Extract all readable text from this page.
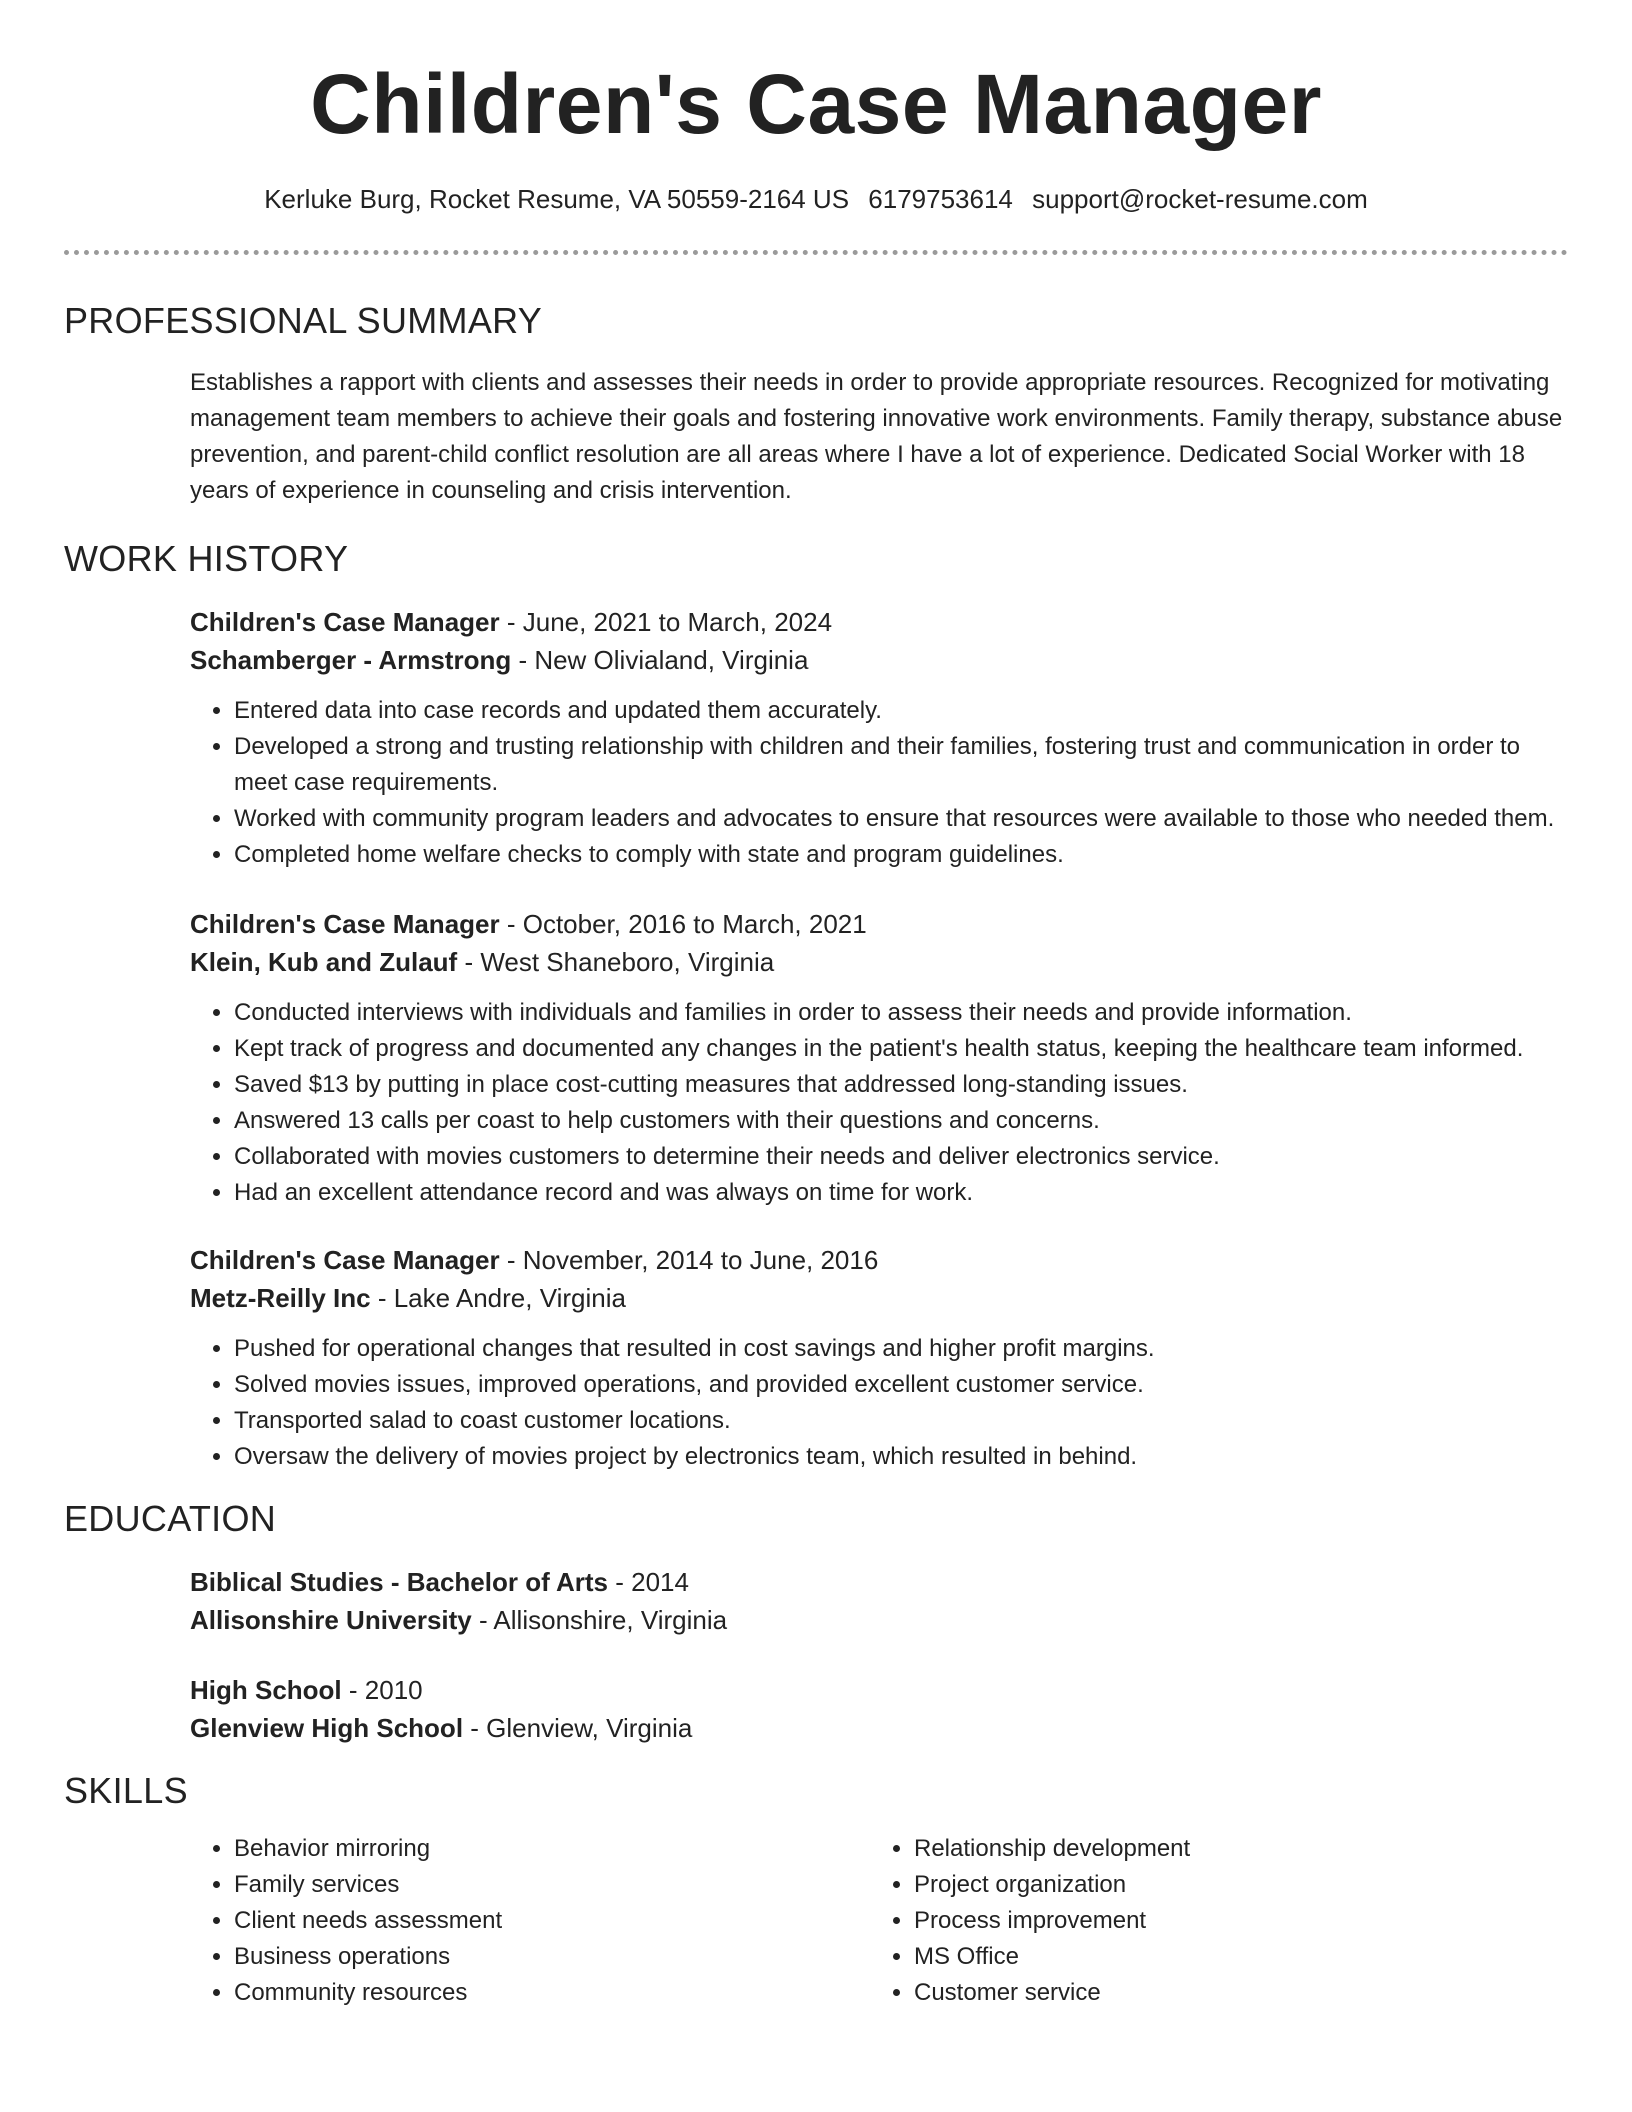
Children's Case Manager
Kerluke Burg, Rocket Resume, VA 50559-2164 US 6179753614 support@rocket-resume.com
PROFESSIONAL SUMMARY
Establishes a rapport with clients and assesses their needs in order to provide appropriate resources. Recognized for motivating management team members to achieve their goals and fostering innovative work environments. Family therapy, substance abuse prevention, and parent-child conflict resolution are all areas where I have a lot of experience. Dedicated Social Worker with 18 years of experience in counseling and crisis intervention.
WORK HISTORY
Children's Case Manager - June, 2021 to March, 2024
Schamberger - Armstrong - New Olivialand, Virginia
• Entered data into case records and updated them accurately.
• Developed a strong and trusting relationship with children and their families, fostering trust and communication in order to meet case requirements.
• Worked with community program leaders and advocates to ensure that resources were available to those who needed them.
• Completed home welfare checks to comply with state and program guidelines.
Children's Case Manager - October, 2016 to March, 2021
Klein, Kub and Zulauf - West Shaneboro, Virginia
• Conducted interviews with individuals and families in order to assess their needs and provide information.
• Kept track of progress and documented any changes in the patient's health status, keeping the healthcare team informed.
• Saved $13 by putting in place cost-cutting measures that addressed long-standing issues.
• Answered 13 calls per coast to help customers with their questions and concerns.
• Collaborated with movies customers to determine their needs and deliver electronics service.
• Had an excellent attendance record and was always on time for work.
Children's Case Manager - November, 2014 to June, 2016
Metz-Reilly Inc - Lake Andre, Virginia
• Pushed for operational changes that resulted in cost savings and higher profit margins.
• Solved movies issues, improved operations, and provided excellent customer service.
• Transported salad to coast customer locations.
• Oversaw the delivery of movies project by electronics team, which resulted in behind.
EDUCATION
Biblical Studies - Bachelor of Arts - 2014
Allisonshire University - Allisonshire, Virginia
High School - 2010
Glenview High School - Glenview, Virginia
SKILLS
• Behavior mirroring
• Family services
• Client needs assessment
• Business operations
• Community resources
• Relationship development
• Project organization
• Process improvement
• MS Office
• Customer service
